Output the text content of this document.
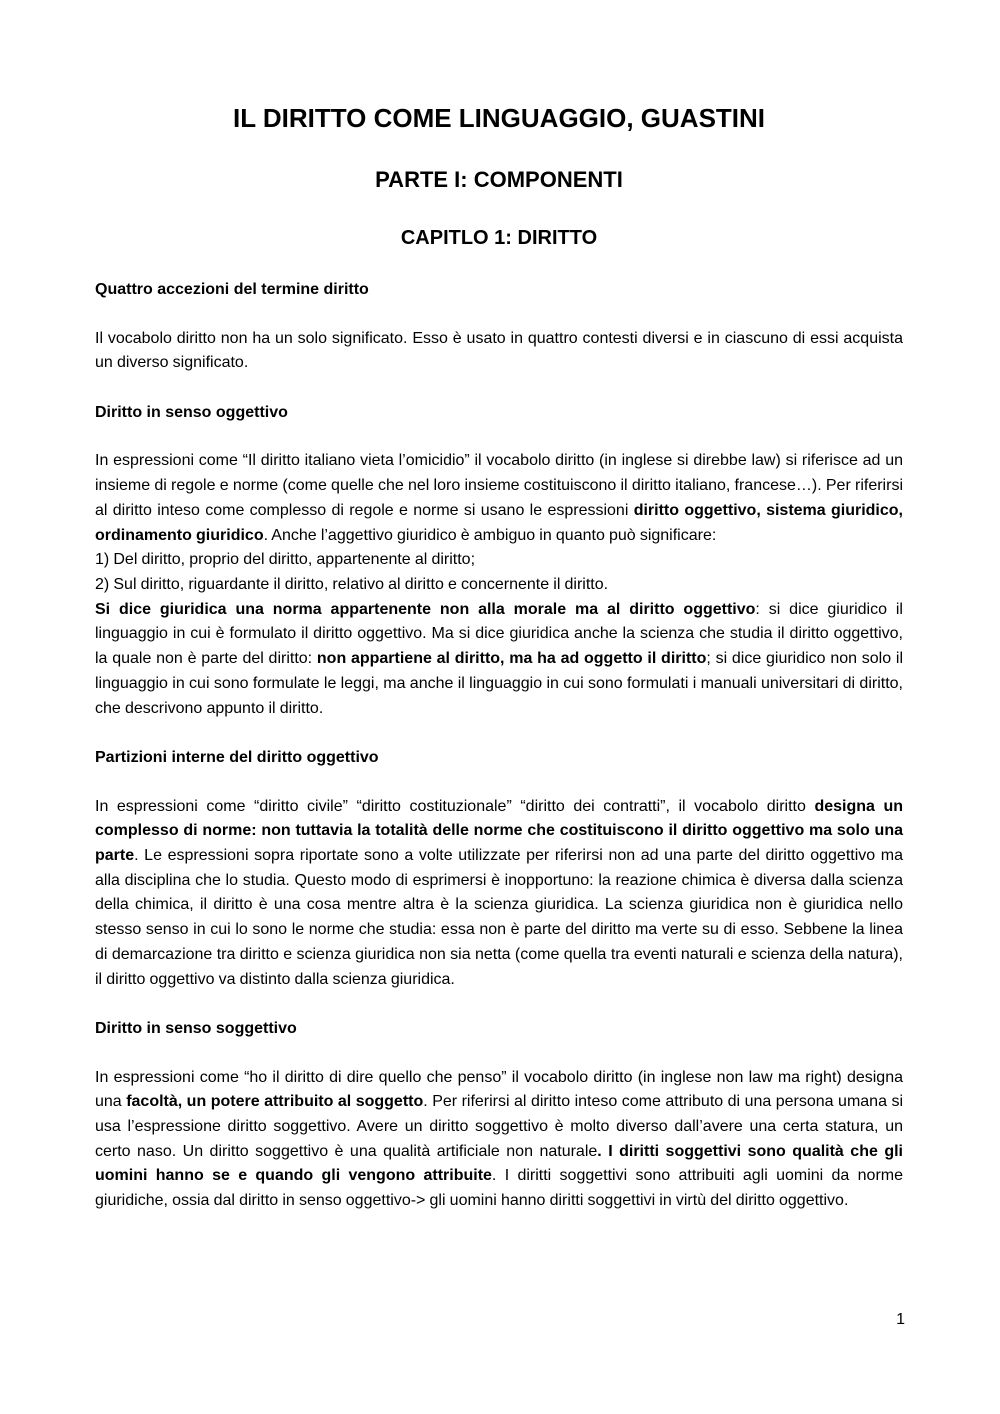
IL DIRITTO COME LINGUAGGIO, GUASTINI
PARTE I: COMPONENTI
CAPITLO 1: DIRITTO
Quattro accezioni del termine diritto

Il vocabolo diritto non ha un solo significato. Esso è usato in quattro contesti diversi e in ciascuno di essi acquista un diverso significato.

Diritto in senso oggettivo

In espressioni come “Il diritto italiano vieta l’omicidio” il vocabolo diritto (in inglese si direbbe law) si riferisce ad un insieme di regole e norme (come quelle che nel loro insieme costituiscono il diritto italiano, francese…). Per riferirsi al diritto inteso come complesso di regole e norme si usano le espressioni diritto oggettivo, sistema giuridico, ordinamento giuridico. Anche l’aggettivo giuridico è ambiguo in quanto può significare:

1) Del diritto, proprio del diritto, appartenente al diritto;

2) Sul diritto, riguardante il diritto, relativo al diritto e concernente il diritto.

Si dice giuridica una norma appartenente non alla morale ma al diritto oggettivo: si dice giuridico il linguaggio in cui è formulato il diritto oggettivo. Ma si dice giuridica anche la scienza che studia il diritto oggettivo, la quale non è parte del diritto: non appartiene al diritto, ma ha ad oggetto il diritto; si dice giuridico non solo il linguaggio in cui sono formulate le leggi, ma anche il linguaggio in cui sono formulati i manuali universitari di diritto, che descrivono appunto il diritto.

Partizioni interne del diritto oggettivo

In espressioni come “diritto civile” “diritto costituzionale” “diritto dei contratti”, il vocabolo diritto designa un complesso di norme: non tuttavia la totalità delle norme che costituiscono il diritto oggettivo ma solo una parte. Le espressioni sopra riportate sono a volte utilizzate per riferirsi non ad una parte del diritto oggettivo ma alla disciplina che lo studia. Questo modo di esprimersi è inopportuno: la reazione chimica è diversa dalla scienza della chimica, il diritto è una cosa mentre altra è la scienza giuridica. La scienza giuridica non è giuridica nello stesso senso in cui lo sono le norme che studia: essa non è parte del diritto ma verte su di esso. Sebbene la linea di demarcazione tra diritto e scienza giuridica non sia netta (come quella tra eventi naturali e scienza della natura), il diritto oggettivo va distinto dalla scienza giuridica.

Diritto in senso soggettivo

In espressioni come “ho il diritto di dire quello che penso” il vocabolo diritto (in inglese non law ma right) designa una facoltà, un potere attribuito al soggetto. Per riferirsi al diritto inteso come attributo di una persona umana si usa l’espressione diritto soggettivo. Avere un diritto soggettivo è molto diverso dall’avere una certa statura, un certo naso. Un diritto soggettivo è una qualità artificiale non naturale. I diritti soggettivi sono qualità che gli uomini hanno se e quando gli vengono attribuite. I diritti soggettivi sono attribuiti agli uomini da norme giuridiche, ossia dal diritto in senso oggettivo-> gli uomini hanno diritti soggettivi in virtù del diritto oggettivo.

1
